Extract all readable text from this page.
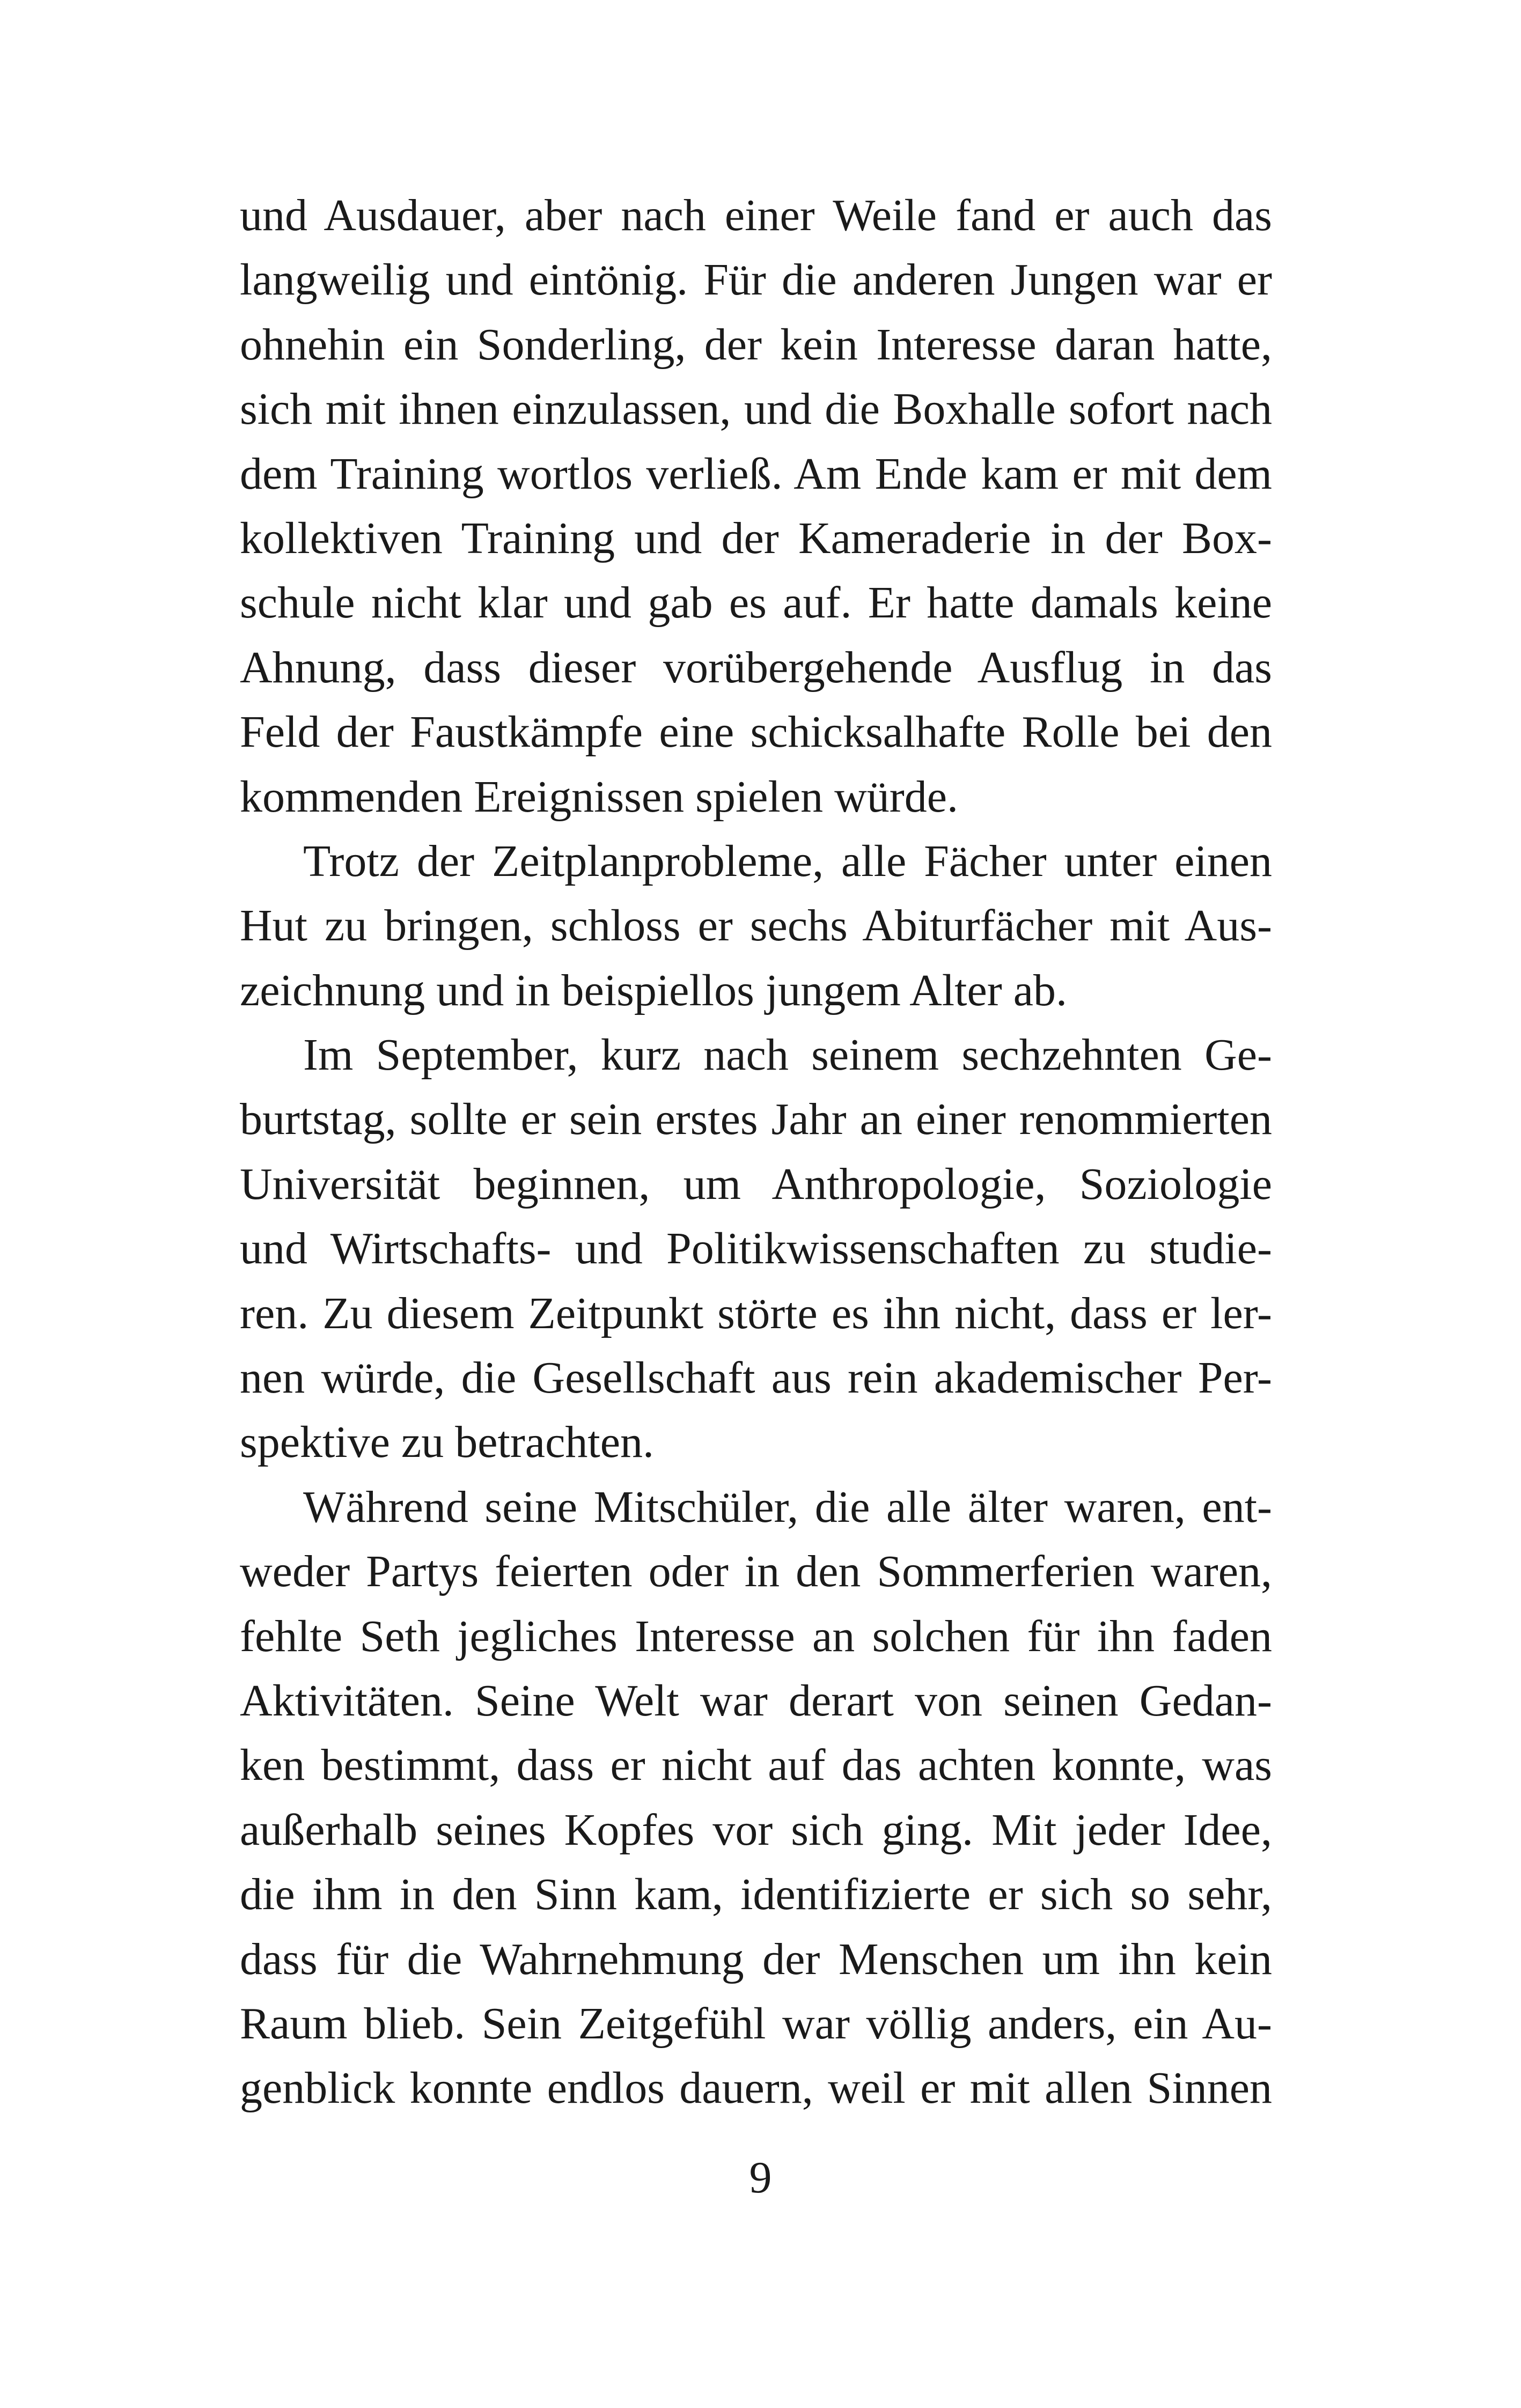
und Ausdauer, aber nach einer Weile fand er auch das
langweilig und eintönig. Für die anderen Jungen war er
ohnehin ein Sonderling, der kein Interesse daran hatte,
sich mit ihnen einzulassen, und die Boxhalle sofort nach
dem Training wortlos verließ. Am Ende kam er mit dem
kollektiven Training und der Kameraderie in der Box-
schule nicht klar und gab es auf. Er hatte damals keine
Ahnung, dass dieser vorübergehende Ausflug in das
Feld der Faustkämpfe eine schicksalhafte Rolle bei den
kommenden Ereignissen spielen würde.
Trotz der Zeitplanprobleme, alle Fächer unter einen
Hut zu bringen, schloss er sechs Abiturfächer mit Aus-
zeichnung und in beispiellos jungem Alter ab.
Im September, kurz nach seinem sechzehnten Ge-
burtstag, sollte er sein erstes Jahr an einer renommierten
Universität beginnen, um Anthropologie, Soziologie
und Wirtschafts- und Politikwissenschaften zu studie-
ren. Zu diesem Zeitpunkt störte es ihn nicht, dass er ler-
nen würde, die Gesellschaft aus rein akademischer Per-
spektive zu betrachten.
Während seine Mitschüler, die alle älter waren, ent-
weder Partys feierten oder in den Sommerferien waren,
fehlte Seth jegliches Interesse an solchen für ihn faden
Aktivitäten. Seine Welt war derart von seinen Gedan-
ken bestimmt, dass er nicht auf das achten konnte, was
außerhalb seines Kopfes vor sich ging. Mit jeder Idee,
die ihm in den Sinn kam, identifizierte er sich so sehr,
dass für die Wahrnehmung der Menschen um ihn kein
Raum blieb. Sein Zeitgefühl war völlig anders, ein Au-
genblick konnte endlos dauern, weil er mit allen Sinnen
9
